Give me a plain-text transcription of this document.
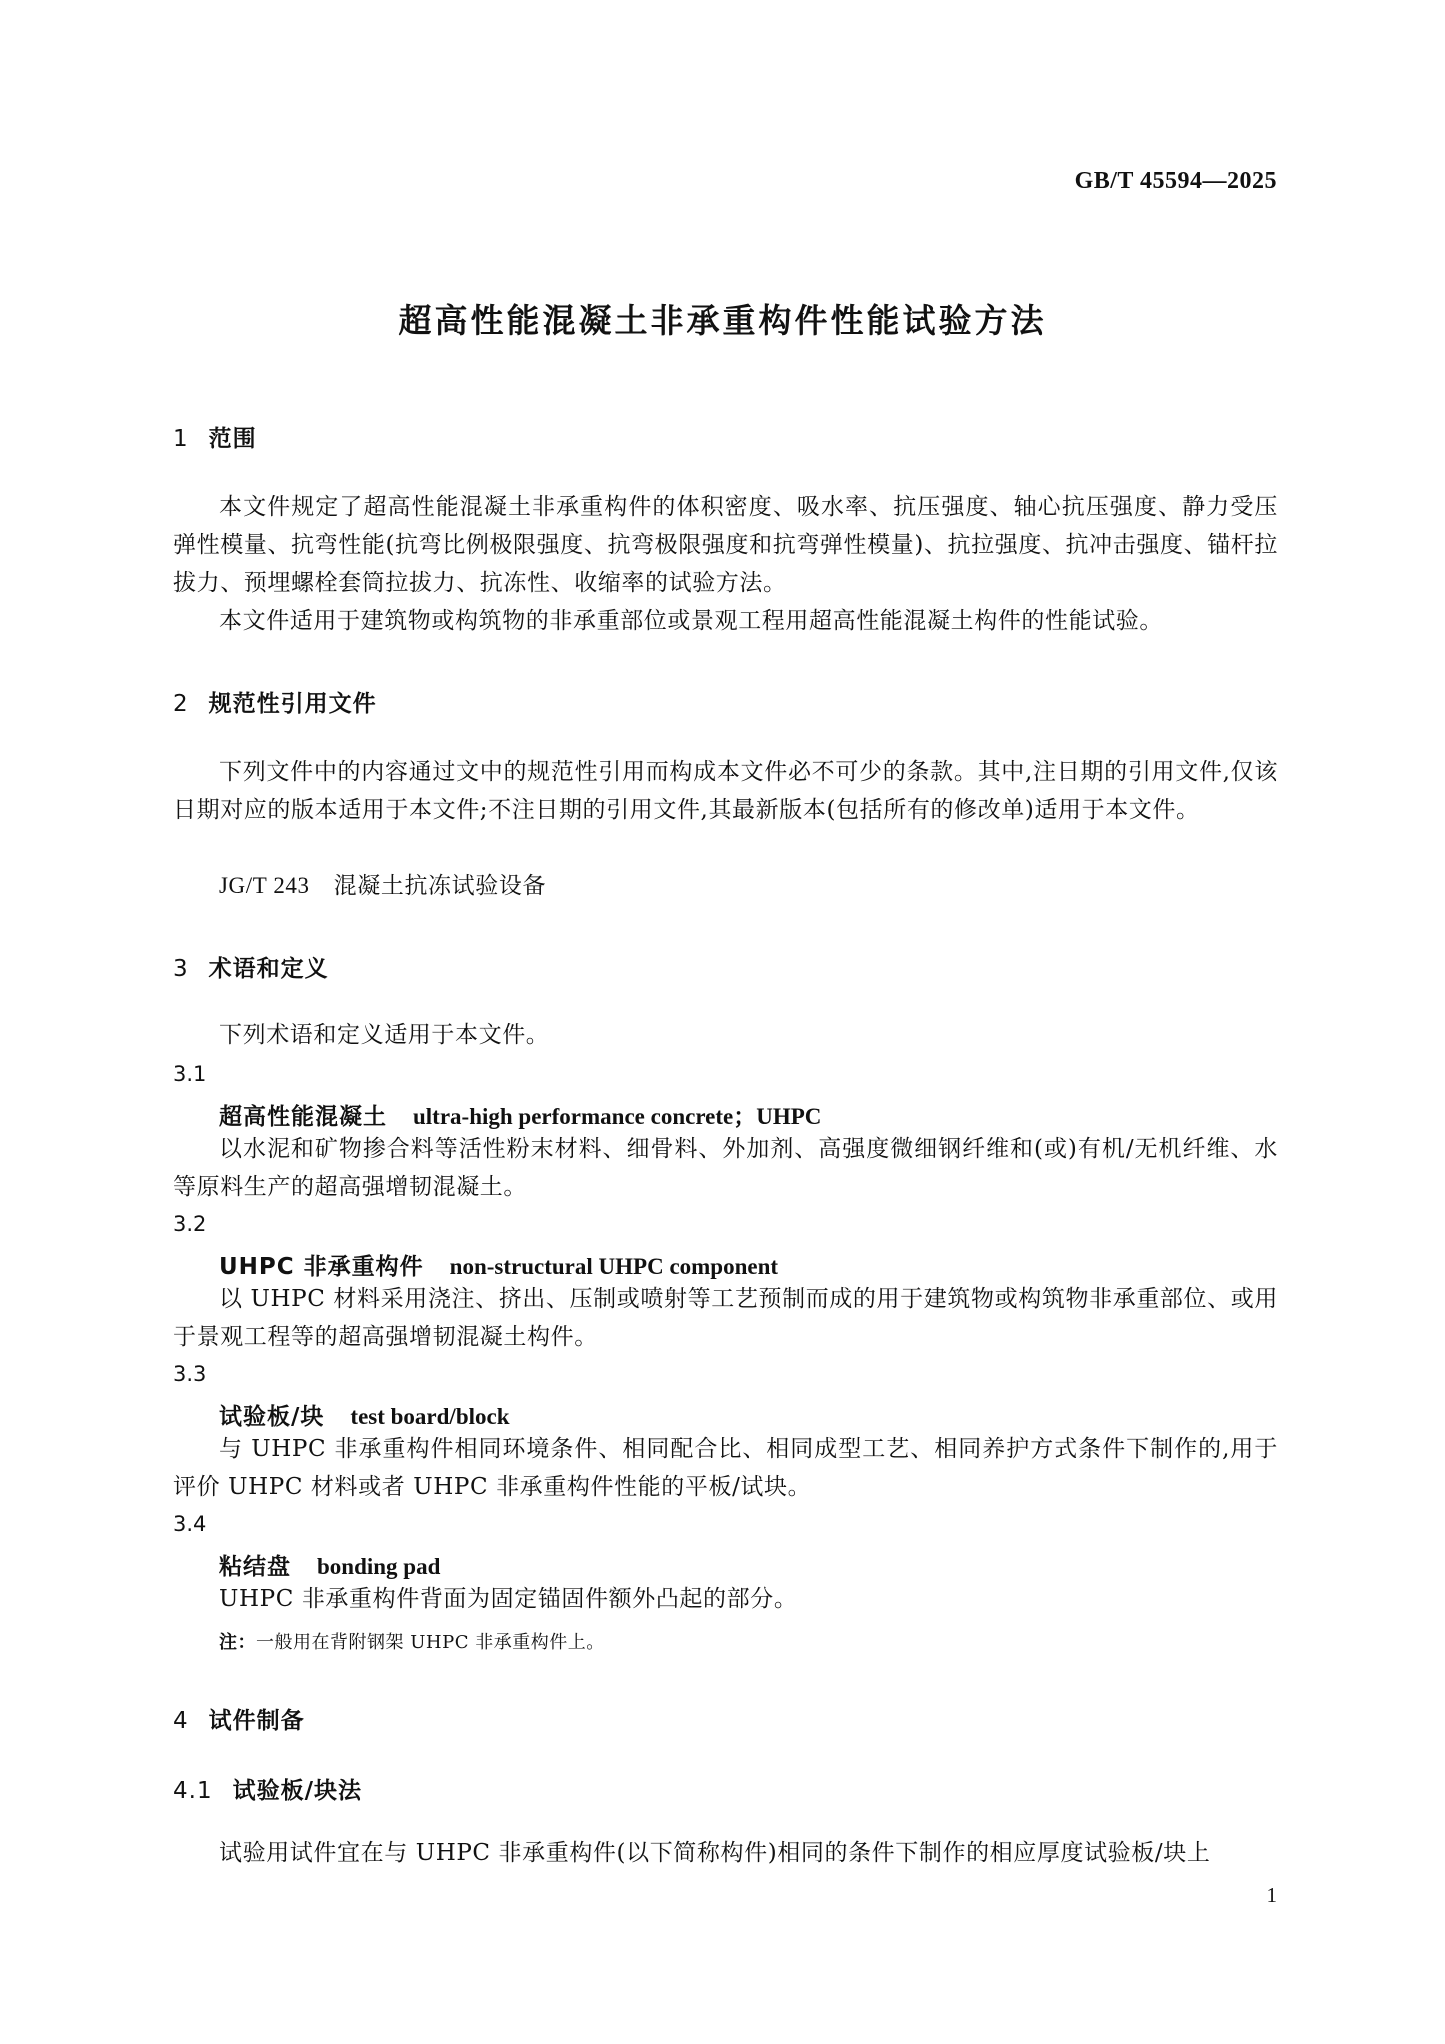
GB/T 45594—2025
超高性能混凝土非承重构件性能试验方法
1 范围
本文件规定了超高性能混凝土非承重构件的体积密度、吸水率、抗压强度、轴心抗压强度、静力受压弹性模量、抗弯性能(抗弯比例极限强度、抗弯极限强度和抗弯弹性模量)、抗拉强度、抗冲击强度、锚杆拉拔力、预埋螺栓套筒拉拔力、抗冻性、收缩率的试验方法。
本文件适用于建筑物或构筑物的非承重部位或景观工程用超高性能混凝土构件的性能试验。
2 规范性引用文件
下列文件中的内容通过文中的规范性引用而构成本文件必不可少的条款。其中,注日期的引用文件,仅该日期对应的版本适用于本文件;不注日期的引用文件,其最新版本(包括所有的修改单)适用于本文件。
JG/T 243 混凝土抗冻试验设备
3 术语和定义
下列术语和定义适用于本文件。
3.1
超高性能混凝土 ultra-high performance concrete；UHPC
以水泥和矿物掺合料等活性粉末材料、细骨料、外加剂、高强度微细钢纤维和(或)有机/无机纤维、水等原料生产的超高强增韧混凝土。
3.2
UHPC 非承重构件 non-structural UHPC component
以 UHPC 材料采用浇注、挤出、压制或喷射等工艺预制而成的用于建筑物或构筑物非承重部位、或用于景观工程等的超高强增韧混凝土构件。
3.3
试验板/块 test board/block
与 UHPC 非承重构件相同环境条件、相同配合比、相同成型工艺、相同养护方式条件下制作的,用于评价 UHPC 材料或者 UHPC 非承重构件性能的平板/试块。
3.4
粘结盘 bonding pad
UHPC 非承重构件背面为固定锚固件额外凸起的部分。
注：一般用在背附钢架 UHPC 非承重构件上。
4 试件制备
4.1 试验板/块法
试验用试件宜在与 UHPC 非承重构件(以下简称构件)相同的条件下制作的相应厚度试验板/块上
1
